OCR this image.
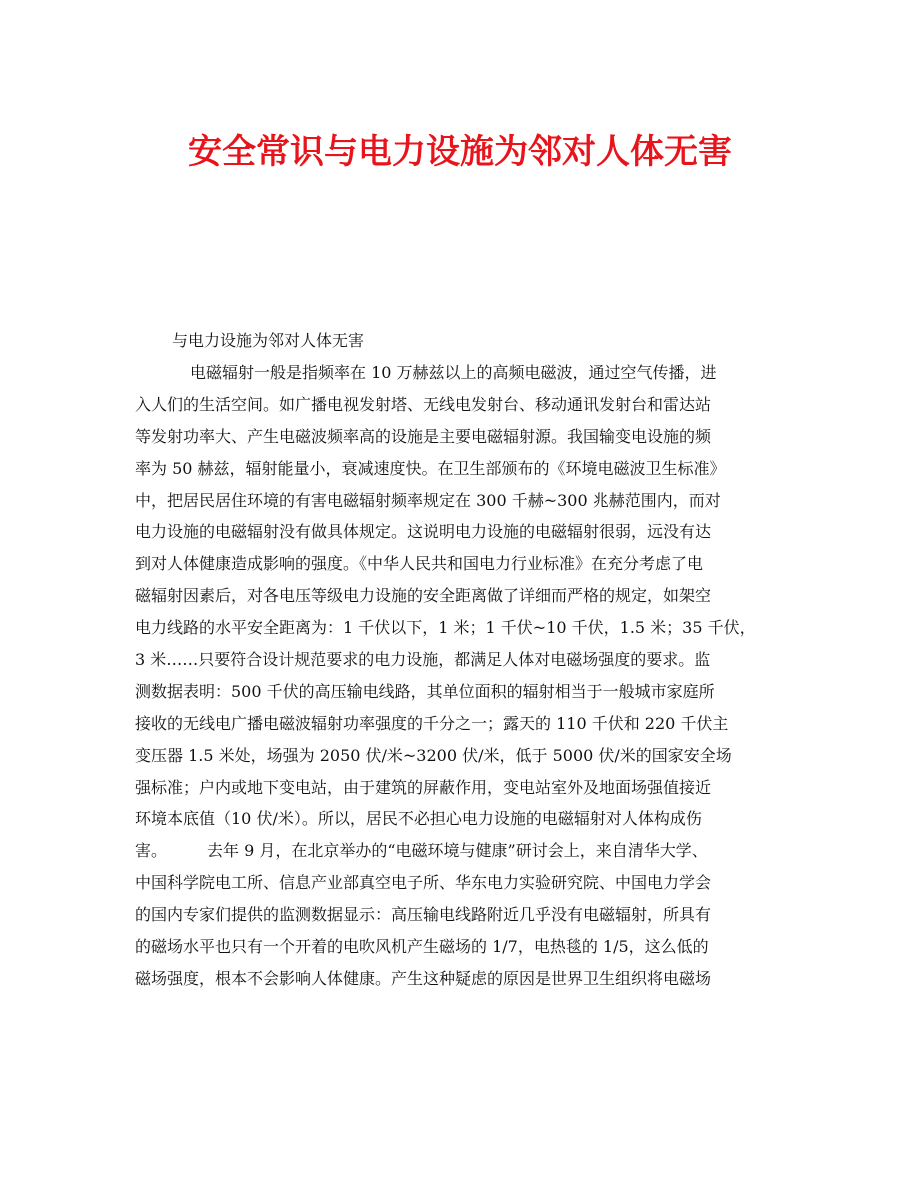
安全常识与电力设施为邻对人体无害

与电力设施为邻对人体无害

电磁辐射一般是指频率在 10 万赫兹以上的高频电磁波，通过空气传播，进
入人们的生活空间。如广播电视发射塔、无线电发射台、移动通讯发射台和雷达站
等发射功率大、产生电磁波频率高的设施是主要电磁辐射源。我国输变电设施的频
率为 50 赫兹，辐射能量小，衰减速度快。在卫生部颁布的《环境电磁波卫生标准》
中，把居民居住环境的有害电磁辐射频率规定在 300 千赫~300 兆赫范围内，而对
电力设施的电磁辐射没有做具体规定。这说明电力设施的电磁辐射很弱，远没有达
到对人体健康造成影响的强度。《中华人民共和国电力行业标准》在充分考虑了电
磁辐射因素后，对各电压等级电力设施的安全距离做了详细而严格的规定，如架空
电力线路的水平安全距离为：1 千伏以下，1 米；1 千伏~10 千伏，1.5 米；35 千伏，
3 米……只要符合设计规范要求的电力设施，都满足人体对电磁场强度的要求。监
测数据表明：500 千伏的高压输电线路，其单位面积的辐射相当于一般城市家庭所
接收的无线电广播电磁波辐射功率强度的千分之一；露天的 110 千伏和 220 千伏主
变压器 1.5 米处，场强为 2050 伏/米~3200 伏/米，低于 5000 伏/米的国家安全场
强标准；户内或地下变电站，由于建筑的屏蔽作用，变电站室外及地面场强值接近
环境本底值（10 伏/米）。所以，居民不必担心电力设施的电磁辐射对人体构成伤
害。　　　去年 9 月，在北京举办的“电磁环境与健康”研讨会上，来自清华大学、
中国科学院电工所、信息产业部真空电子所、华东电力实验研究院、中国电力学会
的国内专家们提供的监测数据显示：高压输电线路附近几乎没有电磁辐射，所具有
的磁场水平也只有一个开着的电吹风机产生磁场的 1/7，电热毯的 1/5，这么低的
磁场强度，根本不会影响人体健康。产生这种疑虑的原因是世界卫生组织将电磁场
